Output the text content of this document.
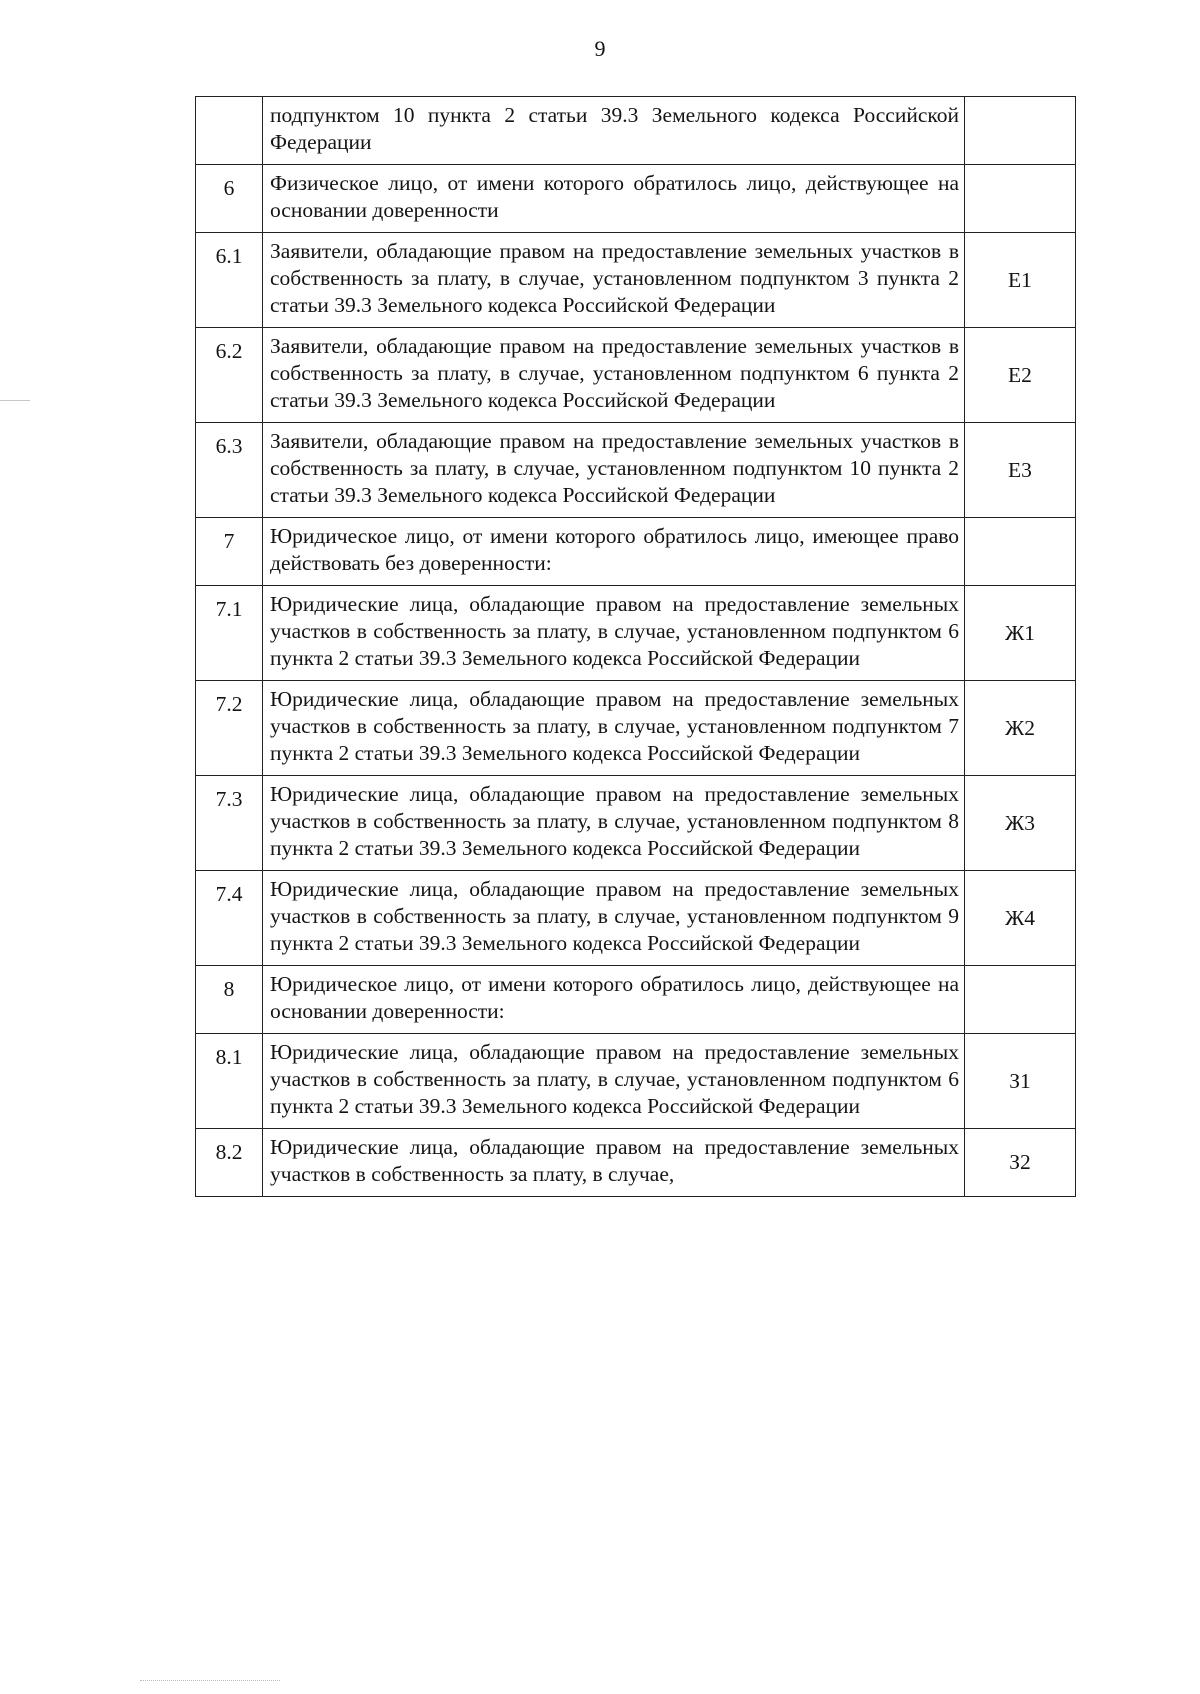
9
	подпунктом 10 пункта 2 статьи 39.3 Земельного кодекса Российской Федерации	
6	Физическое лицо, от имени которого обратилось лицо, действующее на основании доверенности	
6.1	Заявители, обладающие правом на предоставление земельных участков в собственность за плату, в случае, установленном подпунктом 3 пункта 2 статьи 39.3 Земельного кодекса Российской Федерации	Е1
6.2	Заявители, обладающие правом на предоставление земельных участков в собственность за плату, в случае, установленном подпунктом 6 пункта 2 статьи 39.3 Земельного кодекса Российской Федерации	Е2
6.3	Заявители, обладающие правом на предоставление земельных участков в собственность за плату, в случае, установленном подпунктом 10 пункта 2 статьи 39.3 Земельного кодекса Российской Федерации	Е3
7	Юридическое лицо, от имени которого обратилось лицо, имеющее право действовать без доверенности:	
7.1	Юридические лица, обладающие правом на предоставление земельных участков в собственность за плату, в случае, установленном подпунктом 6 пункта 2 статьи 39.3 Земельного кодекса Российской Федерации	Ж1
7.2	Юридические лица, обладающие правом на предоставление земельных участков в собственность за плату, в случае, установленном подпунктом 7 пункта 2 статьи 39.3 Земельного кодекса Российской Федерации	Ж2
7.3	Юридические лица, обладающие правом на предоставление земельных участков в собственность за плату, в случае, установленном подпунктом 8 пункта 2 статьи 39.3 Земельного кодекса Российской Федерации	Ж3
7.4	Юридические лица, обладающие правом на предоставление земельных участков в собственность за плату, в случае, установленном подпунктом 9 пункта 2 статьи 39.3 Земельного кодекса Российской Федерации	Ж4
8	Юридическое лицо, от имени которого обратилось лицо, действующее на основании доверенности:	
8.1	Юридические лица, обладающие правом на предоставление земельных участков в собственность за плату, в случае, установленном подпунктом 6 пункта 2 статьи 39.3 Земельного кодекса Российской Федерации	З1
8.2	Юридические лица, обладающие правом на предоставление земельных участков в собственность за плату, в случае,	З2
